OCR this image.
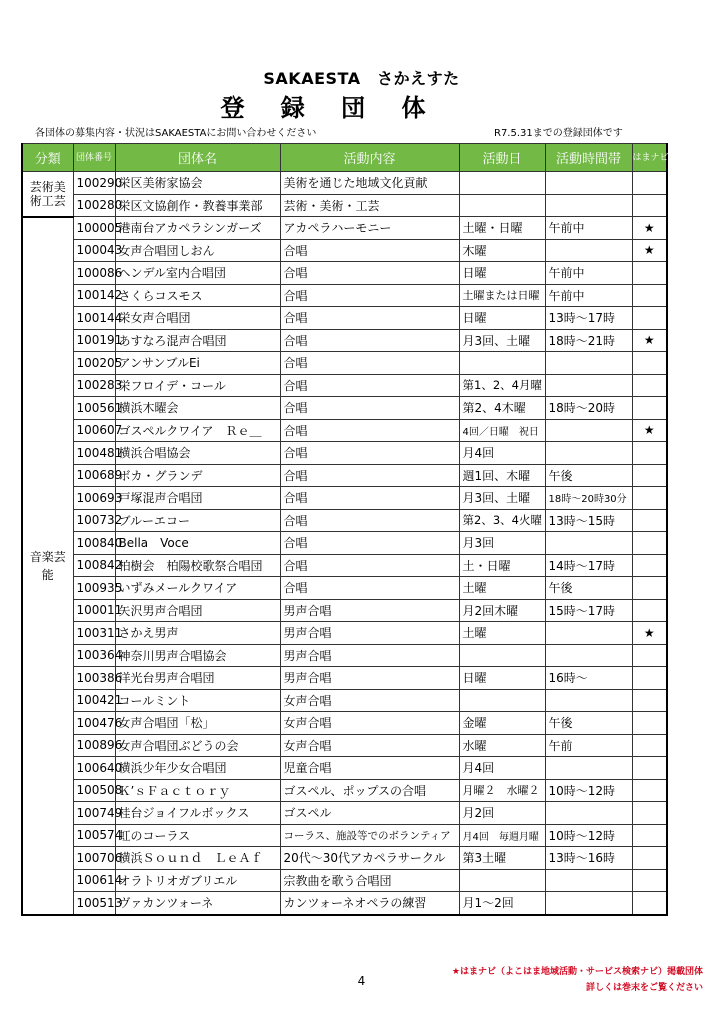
SAKAESTA　さかえすた
登 録 団 体
各団体の募集内容・状況はSAKAESTAにお問い合わせください	R7.5.31までの登録団体です
分類	団体番号	団体名	活動内容	活動日	活動時間帯	はまナビ
芸術美術工芸	100290	栄区美術家協会	美術を通じた地域文化貢献			
	100280	栄区文協創作・教養事業部	芸術・美術・工芸			
音楽芸能	100005	港南台アカペラシンガーズ	アカペラハーモニー	土曜・日曜	午前中	★
	100043	女声合唱団しおん	合唱	木曜		★
	100086	ヘンデル室内合唱団	合唱	日曜	午前中	
	100142	さくらコスモス	合唱	土曜または日曜	午前中	
	100144	栄女声合唱団	合唱	日曜	13時～17時	
	100191	あすなろ混声合唱団	合唱	月3回、土曜	18時～21時	★
	100205	アンサンブルEi	合唱			
	100283	栄フロイデ・コール	合唱	第1、2、4月曜		
	100561	横浜木曜会	合唱	第2、4木曜	18時～20時	
	100607	ゴスペルクワイア　Ｒｅ＿	合唱	4回／日曜　祝日		★
	100481	横浜合唱協会	合唱	月4回		
	100689	ボカ・グランデ	合唱	週1回、木曜	午後	
	100693	戸塚混声合唱団	合唱	月3回、土曜	18時～20時30分	
	100732	ブルーエコー	合唱	第2、3、4火曜	13時～15時	
	100840	Bella　Voce	合唱	月3回		
	100842	柏樹会　柏陽校歌祭合唱団	合唱	土・日曜	14時～17時	
	100935	いずみメールクワイア	合唱	土曜	午後	
	100011	矢沢男声合唱団	男声合唱	月2回木曜	15時～17時	
	100311	さかえ男声	男声合唱	土曜		★
	100364	神奈川男声合唱協会	男声合唱			
	100386	洋光台男声合唱団	男声合唱	日曜	16時～	
	100421	コールミント	女声合唱			
	100476	女声合唱団「松」	女声合唱	金曜	午後	
	100896	女声合唱団ぶどうの会	女声合唱	水曜	午前	
	100640	横浜少年少女合唱団	児童合唱	月4回		
	100508	Ｋ’ｓＦａｃｔｏｒｙ	ゴスペル、ポップスの合唱	月曜２　水曜２	10時～12時	
	100749	桂台ジョイフルボックス	ゴスペル	月2回		
	100574	虹のコーラス	コーラス、施設等でのボランティア	月4回　毎週月曜	10時～12時	
	100706	横浜Ｓｏｕｎｄ　ＬｅＡｆ	20代～30代アカペラサークル	第3土曜	13時～16時	
	100614	オラトリオガブリエル	宗教曲を歌う合唱団			
	100513	ヴァカンツォーネ	カンツォーネオペラの練習	月1～2回		
4
★はまナビ（よこはま地域活動・サービス検索ナビ）掲載団体
詳しくは巻末をご覧ください
